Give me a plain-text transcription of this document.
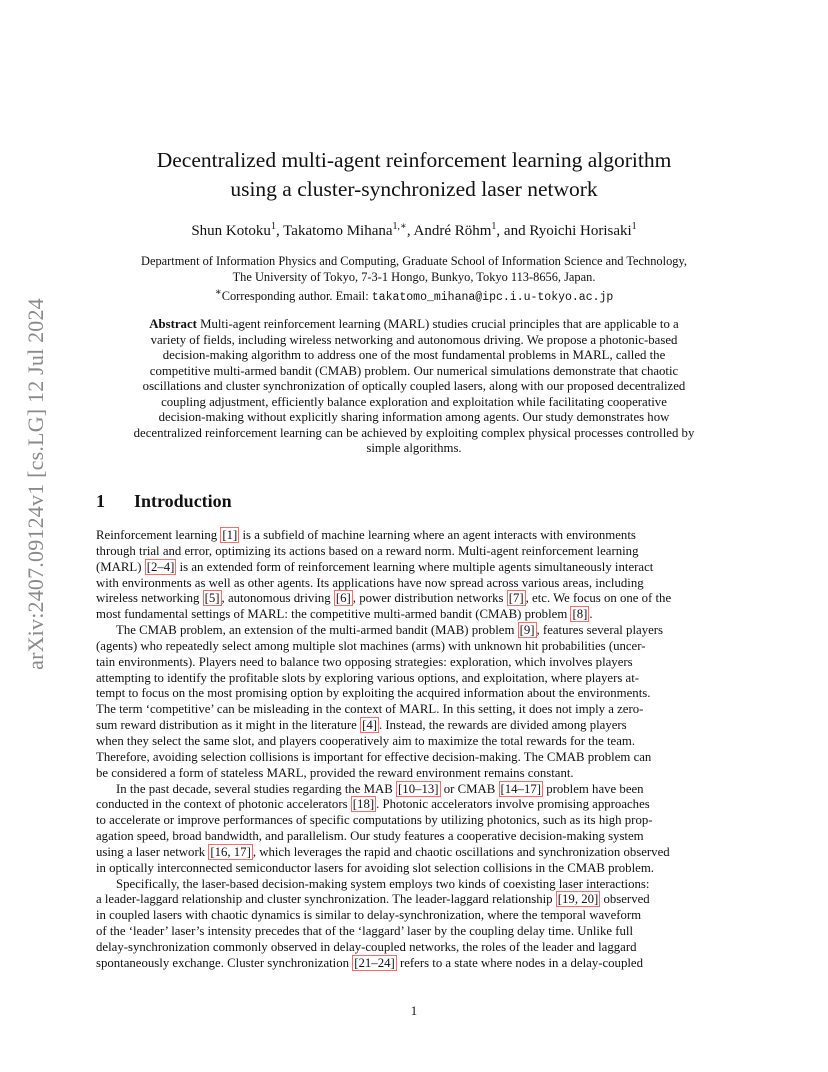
arXiv:2407.09124v1 [cs.LG] 12 Jul 2024
Decentralized multi-agent reinforcement learning algorithm
using a cluster-synchronized laser network
Shun Kotoku$^1$, Takatomo Mihana$^{1,∗}$, André Röhm$^1$, and Ryoichi Horisaki$^1$
Department of Information Physics and Computing, Graduate School of Information Science and Technology,
The University of Tokyo, 7-3-1 Hongo, Bunkyo, Tokyo 113-8656, Japan.
∗Corresponding author. Email: takatomo_mihana@ipc.i.u-tokyo.ac.jp
Abstract Multi-agent reinforcement learning (MARL) studies crucial principles that are applicable to a
variety of fields, including wireless networking and autonomous driving. We propose a photonic-based
decision-making algorithm to address one of the most fundamental problems in MARL, called the
competitive multi-armed bandit (CMAB) problem. Our numerical simulations demonstrate that chaotic
oscillations and cluster synchronization of optically coupled lasers, along with our proposed decentralized
coupling adjustment, efficiently balance exploration and exploitation while facilitating cooperative
decision-making without explicitly sharing information among agents. Our study demonstrates how
decentralized reinforcement learning can be achieved by exploiting complex physical processes controlled by
simple algorithms.
1 Introduction
Reinforcement learning [1] is a subfield of machine learning where an agent interacts with environments
through trial and error, optimizing its actions based on a reward norm. Multi-agent reinforcement learning
(MARL) [2–4] is an extended form of reinforcement learning where multiple agents simultaneously interact
with environments as well as other agents. Its applications have now spread across various areas, including
wireless networking [5] , autonomous driving [6] , power distribution networks [7] , etc. We focus on one of the
most fundamental settings of MARL: the competitive multi-armed bandit (CMAB) problem [8] .
The CMAB problem, an extension of the multi-armed bandit (MAB) problem [9] , features several players
(agents) who repeatedly select among multiple slot machines (arms) with unknown hit probabilities (uncer-
tain environments). Players need to balance two opposing strategies: exploration, which involves players
attempting to identify the profitable slots by exploring various options, and exploitation, where players at-
tempt to focus on the most promising option by exploiting the acquired information about the environments.
The term ‘competitive’ can be misleading in the context of MARL. In this setting, it does not imply a zero-
sum reward distribution as it might in the literature [4] . Instead, the rewards are divided among players
when they select the same slot, and players cooperatively aim to maximize the total rewards for the team.
Therefore, avoiding selection collisions is important for effective decision-making. The CMAB problem can
be considered a form of stateless MARL, provided the reward environment remains constant.
In the past decade, several studies regarding the MAB [10–13] or CMAB [14–17] problem have been
conducted in the context of photonic accelerators [18] . Photonic accelerators involve promising approaches
to accelerate or improve performances of specific computations by utilizing photonics, such as its high prop-
agation speed, broad bandwidth, and parallelism. Our study features a cooperative decision-making system
using a laser network [16, 17] , which leverages the rapid and chaotic oscillations and synchronization observed
in optically interconnected semiconductor lasers for avoiding slot selection collisions in the CMAB problem.
Specifically, the laser-based decision-making system employs two kinds of coexisting laser interactions:
a leader-laggard relationship and cluster synchronization. The leader-laggard relationship [19, 20] observed
in coupled lasers with chaotic dynamics is similar to delay-synchronization, where the temporal waveform
of the ‘leader’ laser’s intensity precedes that of the ‘laggard’ laser by the coupling delay time. Unlike full
delay-synchronization commonly observed in delay-coupled networks, the roles of the leader and laggard
spontaneously exchange. Cluster synchronization [21–24] refers to a state where nodes in a delay-coupled
1
